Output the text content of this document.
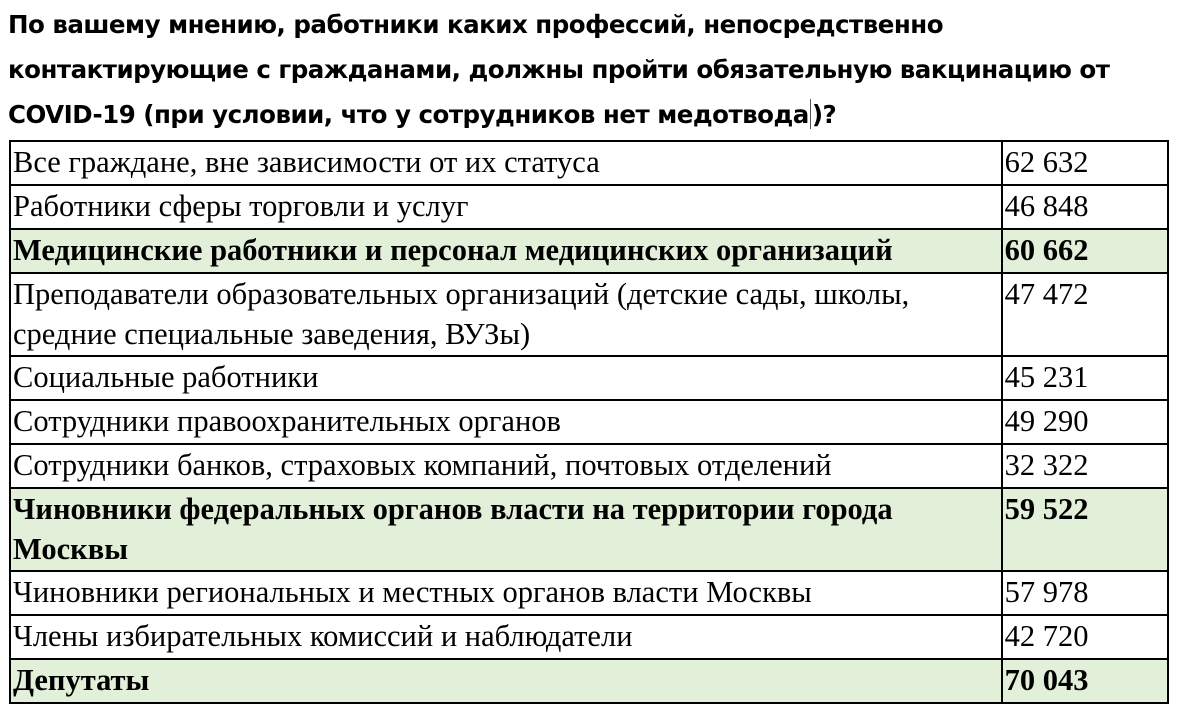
По вашему мнению, работники каких профессий, непосредственно контактирующие с гражданами, должны пройти обязательную вакцинацию от COVID-19 (при условии, что у сотрудников нет медотвода )?
Все граждане, вне зависимости от их статуса	62 632
Работники сферы торговли и услуг	46 848
Медицинские работники и персонал медицинских организаций	60 662
Преподаватели образовательных организаций (детские сады, школы, средние специальные заведения, ВУЗы)	47 472
Социальные работники	45 231
Сотрудники правоохранительных органов	49 290
Сотрудники банков, страховых компаний, почтовых отделений	32 322
Чиновники федеральных органов власти на территории города Москвы	59 522
Чиновники региональных и местных органов власти Москвы	57 978
Члены избирательных комиссий и наблюдатели	42 720
Депутаты	70 043
